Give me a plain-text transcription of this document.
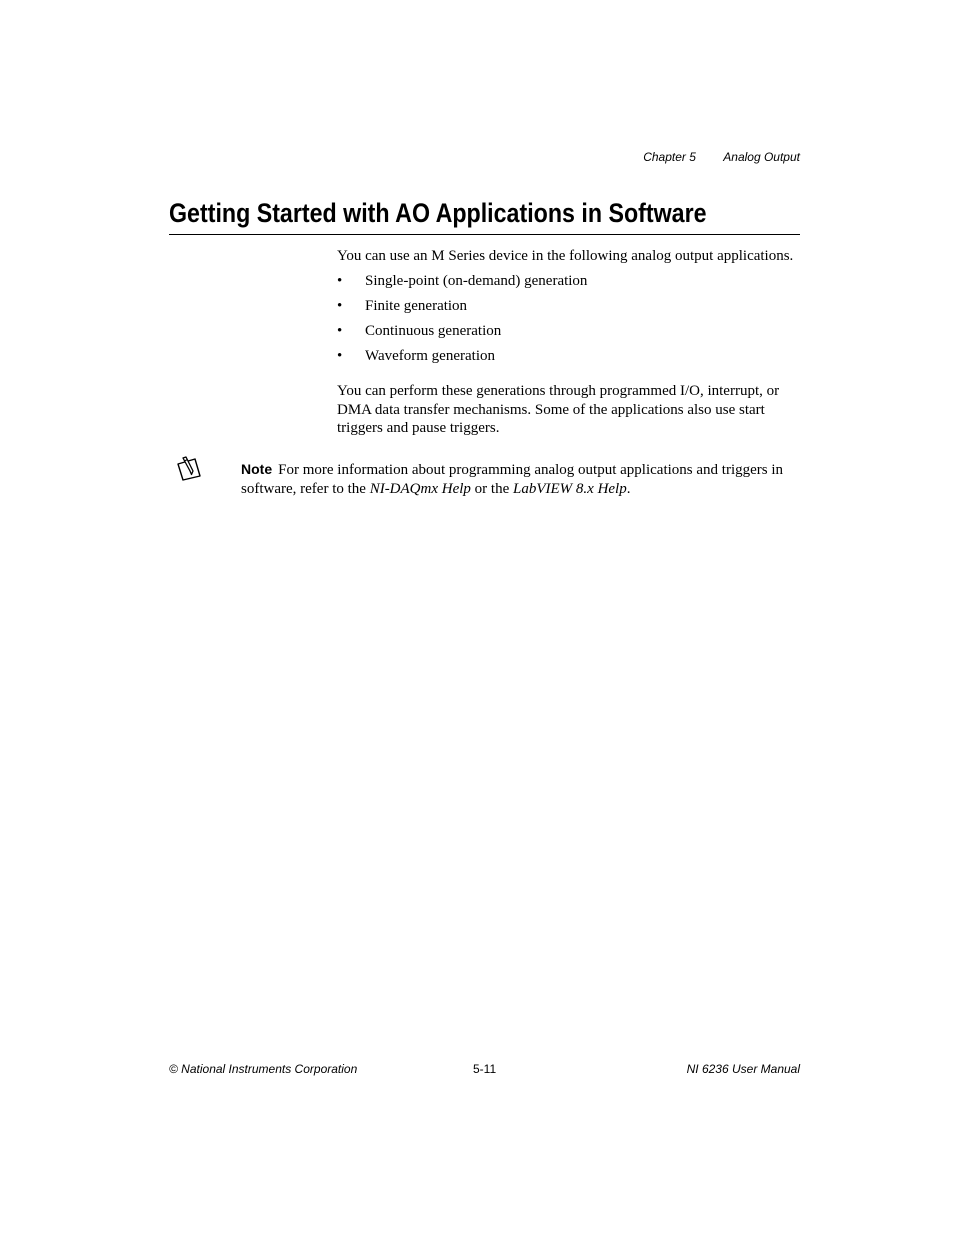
Chapter 5 Analog Output
Getting Started with AO Applications in Software

You can use an M Series device in the following analog output applications.

• Single-point (on-demand) generation
• Finite generation
• Continuous generation
• Waveform generation

You can perform these generations through programmed I/O, interrupt, or DMA data transfer mechanisms. Some of the applications also use start triggers and pause triggers.

Note For more information about programming analog output applications and triggers in software, refer to the NI-DAQmx Help or the LabVIEW 8.x Help.

© National Instruments Corporation	5-11	NI 6236 User Manual
